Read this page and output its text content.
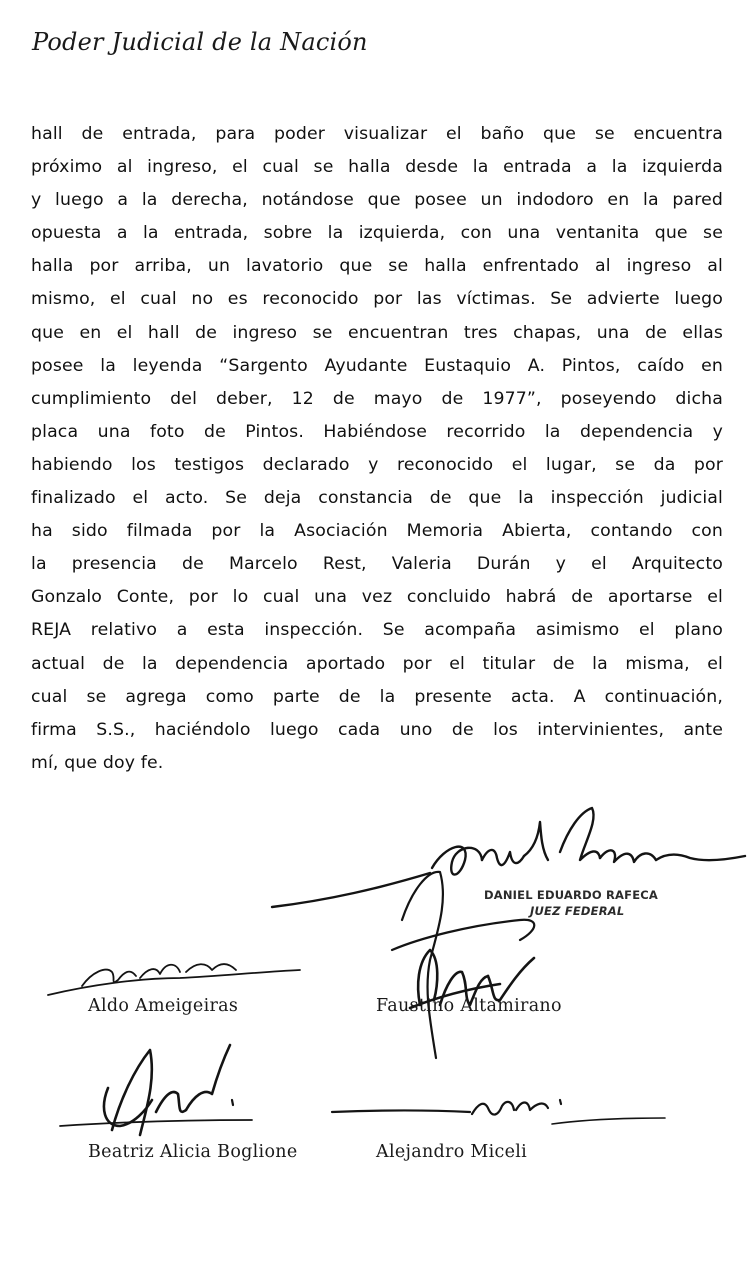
Poder Judicial de la Nación
hall de entrada, para poder visualizar el baño que se encuentra
próximo al ingreso, el cual se halla desde la entrada a la izquierda
y luego a la derecha, notándose que posee un indodoro en la pared
opuesta a la entrada, sobre la izquierda, con una ventanita que se
halla por arriba, un lavatorio que se halla enfrentado al ingreso al
mismo, el cual no es reconocido por las víctimas. Se advierte luego
que en el hall de ingreso se encuentran tres chapas, una de ellas
posee la leyenda “Sargento Ayudante Eustaquio A. Pintos, caído en
cumplimiento del deber, 12 de mayo de 1977”, poseyendo dicha
placa una foto de Pintos. Habiéndose recorrido la dependencia y
habiendo los testigos declarado y reconocido el lugar, se da por
finalizado el acto. Se deja constancia de que la inspección judicial
ha sido filmada por la Asociación Memoria Abierta, contando con
la presencia de Marcelo Rest, Valeria Durán y el Arquitecto
Gonzalo Conte, por lo cual una vez concluido habrá de aportarse el
REJA relativo a esta inspección. Se acompaña asimismo el plano
actual de la dependencia aportado por el titular de la misma, el
cual se agrega como parte de la presente acta. A continuación,
firma S.S., haciéndolo luego cada uno de los intervinientes, ante
mí, que doy fe.
DANIEL EDUARDO RAFECA
JUEZ FEDERAL
Aldo Ameigeiras	Faustino Altamirano
Beatriz Alicia Boglione	Alejandro Miceli
